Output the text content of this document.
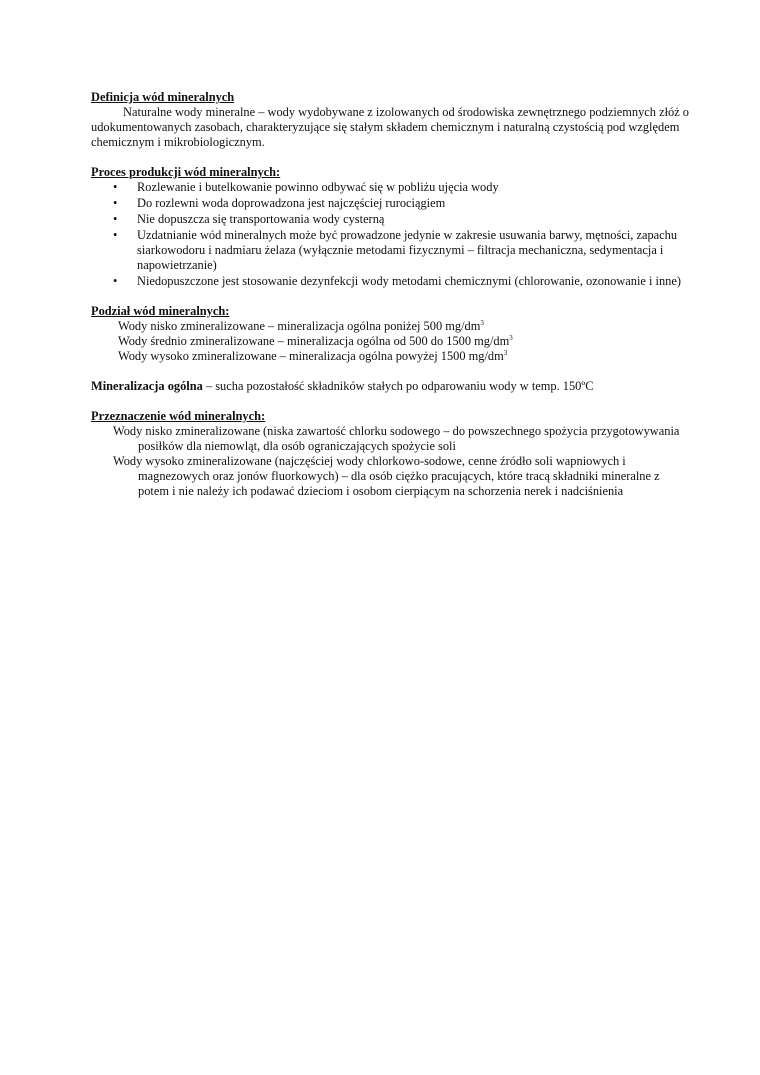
Definicja wód mineralnych

Naturalne wody mineralne – wody wydobywane z izolowanych od środowiska zewnętrznego podziemnych złóż o udokumentowanych zasobach, charakteryzujące się stałym składem chemicznym i naturalną czystością pod względem chemicznym i mikrobiologicznym.

Proces produkcji wód mineralnych:

• Rozlewanie i butelkowanie powinno odbywać się w pobliżu ujęcia wody
• Do rozlewni woda doprowadzona jest najczęściej rurociągiem
• Nie dopuszcza się transportowania wody cysterną
• Uzdatnianie wód mineralnych może być prowadzone jedynie w zakresie usuwania barwy, mętności, zapachu siarkowodoru i nadmiaru żelaza (wyłącznie metodami fizycznymi – filtracja mechaniczna, sedymentacja i napowietrzanie)
• Niedopuszczone jest stosowanie dezynfekcji wody metodami chemicznymi (chlorowanie, ozonowanie i inne)

Podział wód mineralnych:

Wody nisko zmineralizowane – mineralizacja ogólna poniżej 500 $mg/dm^3$

Wody średnio zmineralizowane – mineralizacja ogólna od 500 do 1500 $mg/dm^3$

Wody wysoko zmineralizowane – mineralizacja ogólna powyżej 1500 $mg/dm^3$

Mineralizacja ogólna – sucha pozostałość składników stałych po odparowaniu wody w temp. 150ºC

Przeznaczenie wód mineralnych:

Wody nisko zmineralizowane (niska zawartość chlorku sodowego – do powszechnego spożycia przygotowywania posiłków dla niemowląt, dla osób ograniczających spożycie soli

Wody wysoko zmineralizowane (najczęściej wody chlorkowo-sodowe, cenne źródło soli wapniowych i magnezowych oraz jonów fluorkowych) – dla osób ciężko pracujących, które tracą składniki mineralne z potem i nie należy ich podawać dzieciom i osobom cierpiącym na schorzenia nerek i nadciśnienia
